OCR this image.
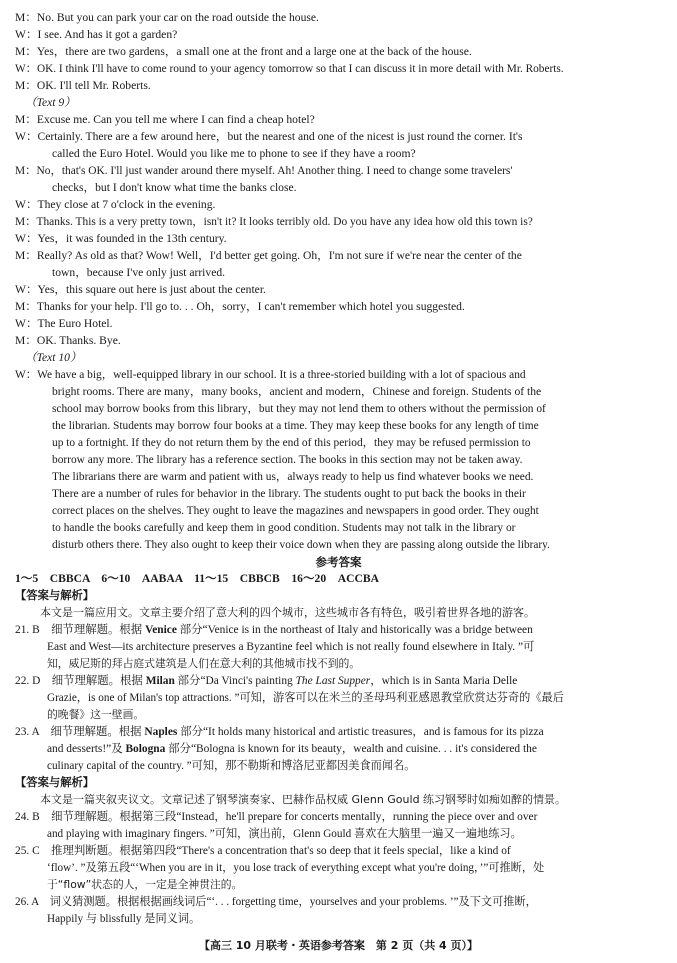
M：No. But you can park your car on the road outside the house.
W：I see. And has it got a garden?
M：Yes，there are two gardens，a small one at the front and a large one at the back of the house.
W：OK. I think I'll have to come round to your agency tomorrow so that I can discuss it in more detail with Mr. Roberts.
M：OK. I'll tell Mr. Roberts.
（Text 9）
M：Excuse me. Can you tell me where I can find a cheap hotel?
W：Certainly. There are a few around here，but the nearest and one of the nicest is just round the corner. It's
called the Euro Hotel. Would you like me to phone to see if they have a room?
M：No，that's OK. I'll just wander around there myself. Ah! Another thing. I need to change some travelers'
checks，but I don't know what time the banks close.
W：They close at 7 o'clock in the evening.
M：Thanks. This is a very pretty town，isn't it? It looks terribly old. Do you have any idea how old this town is?
W：Yes，it was founded in the 13th century.
M：Really? As old as that? Wow! Well，I'd better get going. Oh，I'm not sure if we're near the center of the
town，because I've only just arrived.
W：Yes，this square out here is just about the center.
M：Thanks for your help. I'll go to. . . Oh，sorry，I can't remember which hotel you suggested.
W：The Euro Hotel.
M：OK. Thanks. Bye.
（Text 10）
W：We have a big，well-equipped library in our school. It is a three-storied building with a lot of spacious and
bright rooms. There are many，many books，ancient and modern，Chinese and foreign. Students of the
school may borrow books from this library，but they may not lend them to others without the permission of
the librarian. Students may borrow four books at a time. They may keep these books for any length of time
up to a fortnight. If they do not return them by the end of this period，they may be refused permission to
borrow any more. The library has a reference section. The books in this section may not be taken away.
The librarians there are warm and patient with us，always ready to help us find whatever books we need.
There are a number of rules for behavior in the library. The students ought to put back the books in their
correct places on the shelves. They ought to leave the magazines and newspapers in good order. They ought
to handle the books carefully and keep them in good condition. Students may not talk in the library or
disturb others there. They also ought to keep their voice down when they are passing along outside the library.
参考答案
1～5　CBBCA　6～10　AABAA　11～15　CBBCB　16～20　ACCBA
【答案与解析】
本文是一篇应用文。文章主要介绍了意大利的四个城市，这些城市各有特色，吸引着世界各地的游客。
21. B　细节理解题。根据 Venice 部分“Venice is in the northeast of Italy and historically was a bridge between
East and West—its architecture preserves a Byzantine feel which is not really found elsewhere in Italy. ”可
知，威尼斯的拜占庭式建筑是人们在意大利的其他城市找不到的。
22. D　细节理解题。根据 Milan 部分“Da Vinci's painting The Last Supper，which is in Santa Maria Delle
Grazie，is one of Milan's top attractions. ”可知，游客可以在米兰的圣母玛利亚感恩教堂欣赏达芬奇的《最后
的晚餐》这一壁画。
23. A　细节理解题。根据 Naples 部分“It holds many historical and artistic treasures，and is famous for its pizza
and desserts!”及 Bologna 部分“Bologna is known for its beauty，wealth and cuisine. . . it's considered the
culinary capital of the country. ”可知，那不勒斯和博洛尼亚都因美食而闻名。
【答案与解析】
本文是一篇夹叙夹议文。文章记述了钢琴演奏家、巴赫作品权威 Glenn Gould 练习钢琴时如痴如醉的情景。
24. B　细节理解题。根据第三段“Instead，he'll prepare for concerts mentally，running the piece over and over
and playing with imaginary fingers. ”可知，演出前，Glenn Gould 喜欢在大脑里一遍又一遍地练习。
25. C　推理判断题。根据第四段“There's a concentration that's so deep that it feels special，like a kind of
‘flow’. ”及第五段“‘When you are in it，you lose track of everything except what you're doing，’”可推断，处
于“flow”状态的人，一定是全神贯注的。
26. A　词义猜测题。根据根据画线词后“‘. . . forgetting time，yourselves and your problems. ’”及下文可推断，
Happily 与 blissfully 是同义词。
【高三 10 月联考・英语参考答案　第 2 页（共 4 页）】
